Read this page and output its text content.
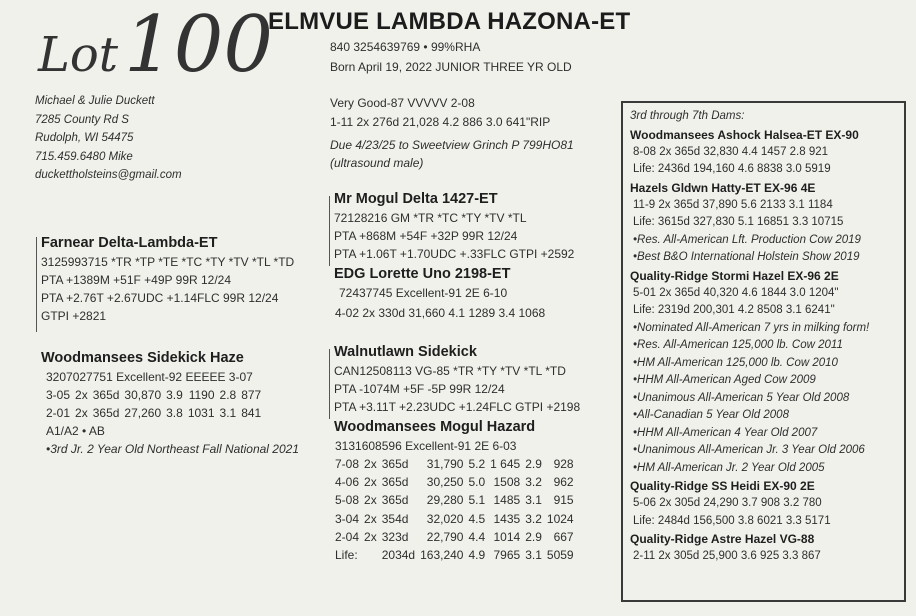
Lot100
ELMVUE LAMBDA HAZONA-ET
840 3254639769 • 99%RHA
Born April 19, 2022 JUNIOR THREE YR OLD
Michael & Julie Duckett
7285 County Rd S
Rudolph, WI 54475
715.459.6480 Mike
duckettholsteins@gmail.com
Very Good-87 VVVVV 2-08
1-11 2x 276d 21,028 4.2 886 3.0 641"RIP
Due 4/23/25 to Sweetview Grinch P 799HO81
(ultrasound male)
Farnear Delta-Lambda-ET
3125993715 *TR *TP *TE *TC *TY *TV *TL *TD
PTA +1389M +51F +49P 99R 12/24
PTA +2.76T +2.67UDC +1.14FLC 99R 12/24
GTPI +2821
Woodmansees Sidekick Haze
3207027751 Excellent-92 EEEEE 3-07
3-05	2x	365d	30,870	3.9	1190	2.8	877
2-01	2x	365d	27,260	3.8	1031	3.1	841
A1/A2 • AB
•3rd Jr. 2 Year Old Northeast Fall National 2021
Mr Mogul Delta 1427-ET
72128216 GM *TR *TC *TY *TV *TL
PTA +868M +54F +32P 99R 12/24
PTA +1.06T +1.70UDC +.33FLC GTPI +2592
EDG Lorette Uno 2198-ET
72437745 Excellent-91 2E 6-10
4-02 2x 330d 31,660 4.1 1289 3.4 1068
Walnutlawn Sidekick
CAN12508113 VG-85 *TR *TY *TV *TL *TD
PTA -1074M +5F -5P 99R 12/24
PTA +3.11T +2.23UDC +1.24FLC GTPI +2198
Woodmansees Mogul Hazard
3131608596 Excellent-91 2E 6-03
7-08	2x	365d	31,790	5.2	1 645	2.9	928
4-06	2x	365d	30,250	5.0	1508	3.2	962
5-08	2x	365d	29,280	5.1	1485	3.1	915
3-04	2x	354d	32,020	4.5	1435	3.2	1024
2-04	2x	323d	22,790	4.4	1014	2.9	667
Life:		2034d	163,240	4.9	7965	3.1	5059
3rd through 7th Dams:
Woodmansees Ashock Halsea-ET EX-90
8-08 2x 365d 32,830 4.4 1457 2.8 921
Life: 2436d 194,160 4.6 8838 3.0 5919
Hazels Gldwn Hatty-ET EX-96 4E
11-9 2x 365d 37,890 5.6 2133 3.1 1184
Life: 3615d 327,830 5.1 16851 3.3 10715
•Res. All-American Lft. Production Cow 2019
•Best B&O International Holstein Show 2019
Quality-Ridge Stormi Hazel EX-96 2E
5-01 2x 365d 40,320 4.6 1844 3.0 1204"
Life: 2319d 200,301 4.2 8508 3.1 6241"
•Nominated All-American 7 yrs in milking form!
•Res. All-American 125,000 lb. Cow 2011
•HM All-American 125,000 lb. Cow 2010
•HHM All-American Aged Cow 2009
•Unanimous All-American 5 Year Old 2008
•All-Canadian 5 Year Old 2008
•HHM All-American 4 Year Old 2007
•Unanimous All-American Jr. 3 Year Old 2006
•HM All-American Jr. 2 Year Old 2005
Quality-Ridge SS Heidi EX-90 2E
5-06 2x 305d 24,290 3.7 908 3.2 780
Life: 2484d 156,500 3.8 6021 3.3 5171
Quality-Ridge Astre Hazel VG-88
2-11 2x 305d 25,900 3.6 925 3.3 867
